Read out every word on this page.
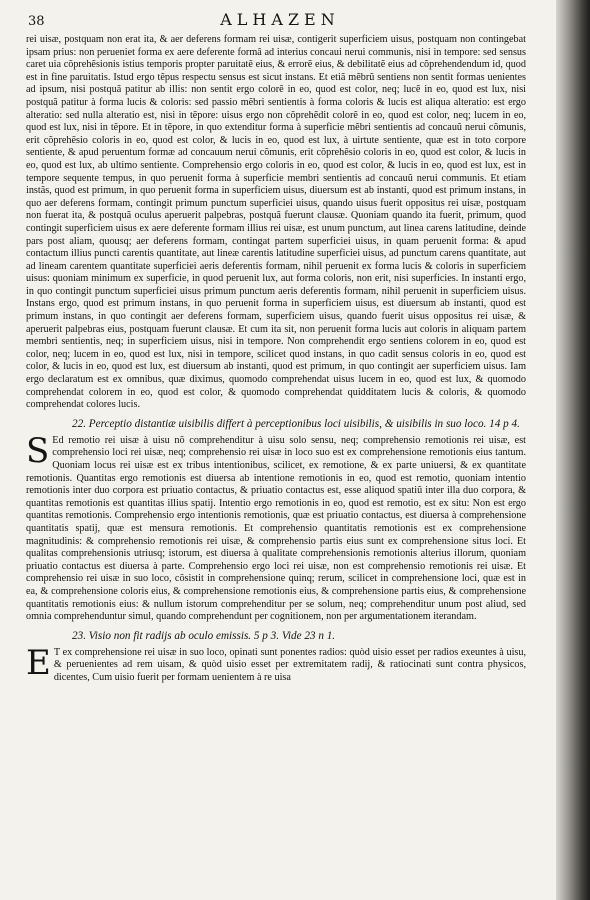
38	ALHAZEN

rei uisæ, postquam non erat ita, & aer deferens formam rei uisæ, contigerit superficiem uisus, postquam non contingebat ipsam prius: non perueniet forma ex aere deferente formâ ad interius concaui nerui communis, nisi in tempore: sed sensus caret uia cõprehẽsionis istius temporis propter paruitatẽ eius, & errorẽ eius, & debilitatẽ eius ad cõprehendendum id, quod est in fine paruitatis. Istud ergo tẽpus respectu sensus est sicut instans. Et etiã mẽbrũ sentiens non sentit formas uenientes ad ipsum, nisi postquã patitur ab illis: non sentit ergo colorẽ in eo, quod est color, neq; lucẽ in eo, quod est lux, nisi postquã patitur à forma lucis & coloris: sed passio mẽbri sentientis à forma coloris & lucis est aliqua alteratio: est ergo alteratio: sed nulla alteratio est, nisi in tẽpore: uisus ergo non cõprehẽdit colorẽ in eo, quod est color, neq; lucem in eo, quod est lux, nisi in tẽpore. Et in tẽpore, in quo extenditur forma à superficie mẽbri sentientis ad concauũ nerui cõmunis, erit cõprehẽsio coloris in eo, quod est color, & lucis in eo, quod est lux, à uirtute sentiente, quæ est in toto corpore sentiente, & apud peruentum formæ ad concauum nerui cõmunis, erit cõprehẽsio coloris in eo, quod est color, & lucis in eo, quod est lux, ab ultimo sentiente. Comprehensio ergo coloris in eo, quod est color, & lucis in eo, quod est lux, est in tempore sequente tempus, in quo peruenit forma à superficie membri sentientis ad concauũ nerui communis. Et etiam instãs, quod est primum, in quo peruenit forma in superficiem uisus, diuersum est ab instanti, quod est primum instans, in quo aer deferens formam, contingit primum punctum superficiei uisus, quando uisus fuerit oppositus rei uisæ, postquam non fuerat ita, & postquã oculus aperuerit palpebras, postquã fuerunt clausæ. Quoniam quando ita fuerit, primum, quod contingit superficiem uisus ex aere deferente formam illius rei uisæ, est unum punctum, aut linea carens latitudine, deinde pars post aliam, quousq; aer deferens formam, contingat partem superficiei uisus, in quam peruenit forma: & apud contactum illius puncti carentis quantitate, aut lineæ carentis latitudine superficiei uisus, ad punctum carens quantitate, aut ad lineam carentem quantitate superficiei aeris deferentis formam, nihil peruenit ex forma lucis & coloris in superficiem uisus: quoniam minimum ex superficie, in quod peruenit lux, aut forma coloris, non erit, nisi superficies. In instanti ergo, in quo contingit punctum superficiei uisus primum punctum aeris deferentis formam, nihil peruenit in superficiem uisus. Instans ergo, quod est primum instans, in quo peruenit forma in superficiem uisus, est diuersum ab instanti, quod est primum instans, in quo contingit aer deferens formam, superficiem uisus, quando fuerit uisus oppositus rei uisæ, & aperuerit palpebras eius, postquam fuerunt clausæ. Et cum ita sit, non peruenit forma lucis aut coloris in aliquam partem membri sentientis, neq; in superficiem uisus, nisi in tempore. Non comprehendit ergo sentiens colorem in eo, quod est color, neq; lucem in eo, quod est lux, nisi in tempore, scilicet quod instans, in quo cadit sensus coloris in eo, quod est color, & lucis in eo, quod est lux, est diuersum ab instanti, quod est primum, in quo contingit aer superficiem uisus. Iam ergo declaratum est ex omnibus, quæ diximus, quomodo comprehendat uisus lucem in eo, quod est lux, & quomodo comprehendat colorem in eo, quod est color, & quomodo comprehendat quidditatem lucis & coloris, & quomodo comprehendat colores lucis.

22. Perceptio distantiæ uisibilis differt à perceptionibus loci uisibilis, & uisibilis in suo loco. 14 p 4.

S Ed remotio rei uisæ à uisu nõ comprehenditur à uisu solo sensu, neq; comprehensio remotionis rei uisæ, est comprehensio loci rei uisæ, neq; comprehensio rei uisæ in loco suo est ex comprehensione remotionis eius tantum. Quoniam locus rei uisæ est ex tribus intentionibus, scilicet, ex remotione, & ex parte uniuersi, & ex quantitate remotionis. Quantitas ergo remotionis est diuersa ab intentione remotionis in eo, quod est remotio, quoniam intentio remotionis inter duo corpora est priuatio contactus, & priuatio contactus est, esse aliquod spatiũ inter illa duo corpora, & quantitas remotionis est quantitas illius spatij. Intentio ergo remotionis in eo, quod est remotio, est ex situ: Non est ergo quantitas remotionis. Comprehensio ergo intentionis remotionis, quæ est priuatio contactus, est diuersa à comprehensione quantitatis spatij, quæ est mensura remotionis. Et comprehensio quantitatis remotionis est ex comprehensione magnitudinis: & comprehensio remotionis rei uisæ, & comprehensio partis eius sunt ex comprehensione situs loci. Et qualitas comprehensionis utriusq; istorum, est diuersa à qualitate comprehensionis remotionis alterius illorum, quoniam priuatio contactus est diuersa à parte. Comprehensio ergo loci rei uisæ, non est comprehensio remotionis rei uisæ. Et comprehensio rei uisæ in suo loco, cõsistit in comprehensione quinq; rerum, scilicet in comprehensione loci, quæ est in ea, & comprehensione coloris eius, & comprehensione remotionis eius, & comprehensione partis eius, & comprehensione quantitatis remotionis eius: & nullum istorum comprehenditur per se solum, neq; comprehenditur unum post aliud, sed omnia comprehenduntur simul, quando comprehendunt per cognitionem, non per argumentationem iterandam.

23. Visio non fit radijs ab oculo emissis. 5 p 3. Vide 23 n 1.

E T ex comprehensione rei uisæ in suo loco, opinati sunt ponentes radios: quòd uisio esset per radios exeuntes à uisu, & peruenientes ad rem uisam, & quòd uisio esset per extremitatem radij, & ratiocinati sunt contra physicos, dicentes, Cum uisio fuerit per formam uenientem à re uisa
